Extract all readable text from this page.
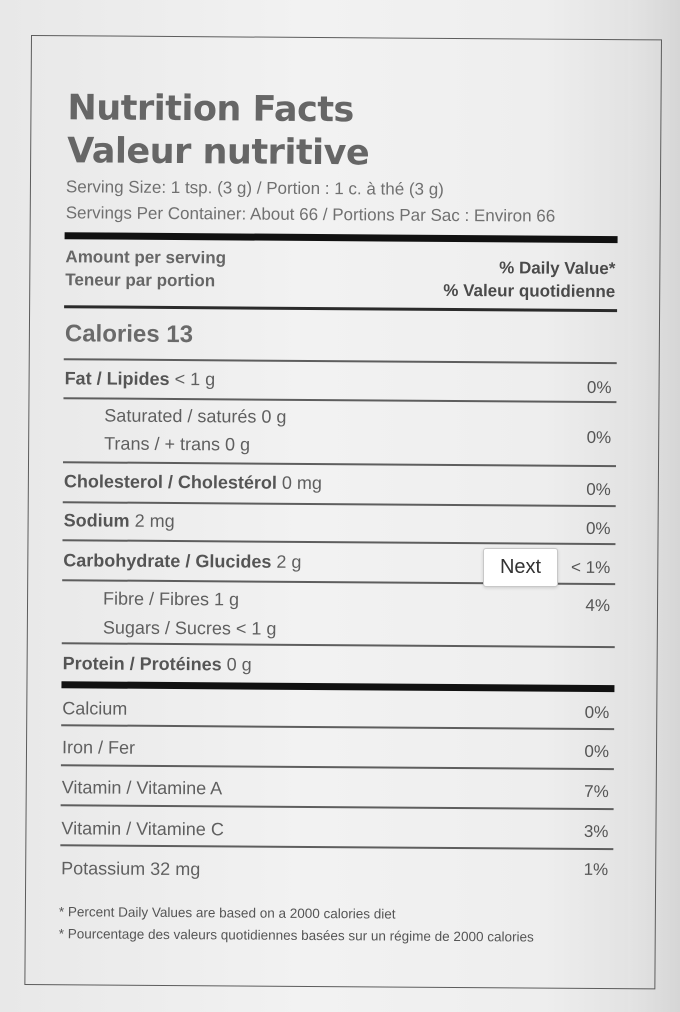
Nutrition Facts
Valeur nutritive

Serving Size: 1 tsp. (3 g) / Portion : 1 c. à thé (3 g)

Servings Per Container: About 66 / Portions Par Sac : Environ 66

Amount per serving

Teneur par portion

% Daily Value*

% Valeur quotidienne

Calories 13

Fat / Lipides < 1 g	0%
Saturated / saturés 0 g
Trans / + trans 0 g	0%
Cholesterol / Cholestérol 0 mg	0%
Sodium 2 mg	0%
Carbohydrate / Glucides 2 g	< 1%
Fibre / Fibres 1 g	4%
Sugars / Sucres < 1 g
Protein / Protéines 0 g
Calcium	0%
Iron / Fer	0%
Vitamin / Vitamine A	7%
Vitamin / Vitamine C	3%
Potassium 32 mg	1%

* Percent Daily Values are based on a 2000 calories diet

* Pourcentage des valeurs quotidiennes basées sur un régime de 2000 calories

Next
